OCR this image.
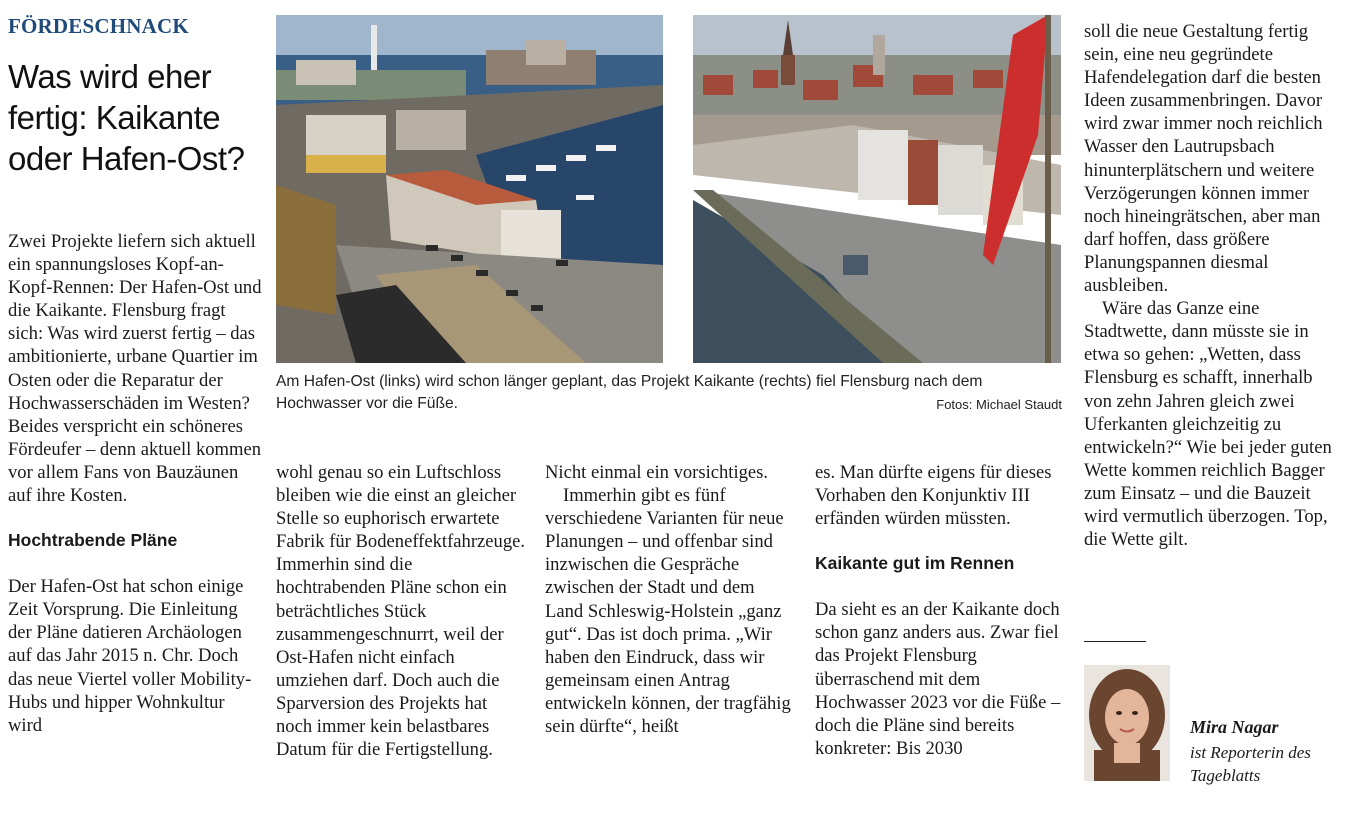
FÖRDESCHNACK
Was wird eher fertig: Kaikante oder Hafen-Ost?

Zwei Projekte liefern sich aktuell ein spannungsloses Kopf-an-Kopf-Rennen: Der Hafen-Ost und die Kaikante. Flensburg fragt sich: Was wird zuerst fertig – das ambitionierte, urbane Quartier im Osten oder die Reparatur der Hochwasserschäden im Westen? Beides verspricht ein schöneres Fördeufer – denn aktuell kommen vor allem Fans von Bauzäunen auf ihre Kosten.

Hochtrabende Pläne

Der Hafen-Ost hat schon einige Zeit Vorsprung. Die Einleitung der Pläne datieren Archäologen auf das Jahr 2015 n. Chr. Doch das neue Viertel voller Mobility-Hubs und hipper Wohnkultur wird

Am Hafen-Ost (links) wird schon länger geplant, das Projekt Kaikante (rechts) fiel Flensburg nach dem Hochwasser vor die Füße.	Fotos: Michael Staudt

wohl genau so ein Luftschloss bleiben wie die einst an gleicher Stelle so euphorisch erwartete Fabrik für Bodeneffektfahrzeuge. Immerhin sind die hochtrabenden Pläne schon ein beträchtliches Stück zusammengeschnurrt, weil der Ost-Hafen nicht einfach umziehen darf. Doch auch die Sparversion des Projekts hat noch immer kein belastbares Datum für die Fertigstellung.

Nicht einmal ein vorsichtiges.

Immerhin gibt es fünf verschiedene Varianten für neue Planungen – und offenbar sind inzwischen die Gespräche zwischen der Stadt und dem Land Schleswig-Holstein „ganz gut“. Das ist doch prima. „Wir haben den Eindruck, dass wir gemeinsam einen Antrag entwickeln können, der tragfähig sein dürfte“, heißt

es. Man dürfte eigens für dieses Vorhaben den Konjunktiv III erfänden würden müssten.

Kaikante gut im Rennen

Da sieht es an der Kaikante doch schon ganz anders aus. Zwar fiel das Projekt Flensburg überraschend mit dem Hochwasser 2023 vor die Füße – doch die Pläne sind bereits konkreter: Bis 2030

soll die neue Gestaltung fertig sein, eine neu gegründete Hafendelegation darf die besten Ideen zusammenbringen. Davor wird zwar immer noch reichlich Wasser den Lautrupsbach hinunterplätschern und weitere Verzögerungen können immer noch hineingrätschen, aber man darf hoffen, dass größere Planungspannen diesmal ausbleiben.

Wäre das Ganze eine Stadtwette, dann müsste sie in etwa so gehen: „Wetten, dass Flensburg es schafft, innerhalb von zehn Jahren gleich zwei Uferkanten gleichzeitig zu entwickeln?“ Wie bei jeder guten Wette kommen reichlich Bagger zum Einsatz – und die Bauzeit wird vermutlich überzogen. Top, die Wette gilt.

Mira Nagar
ist Reporterin des Tageblatts
